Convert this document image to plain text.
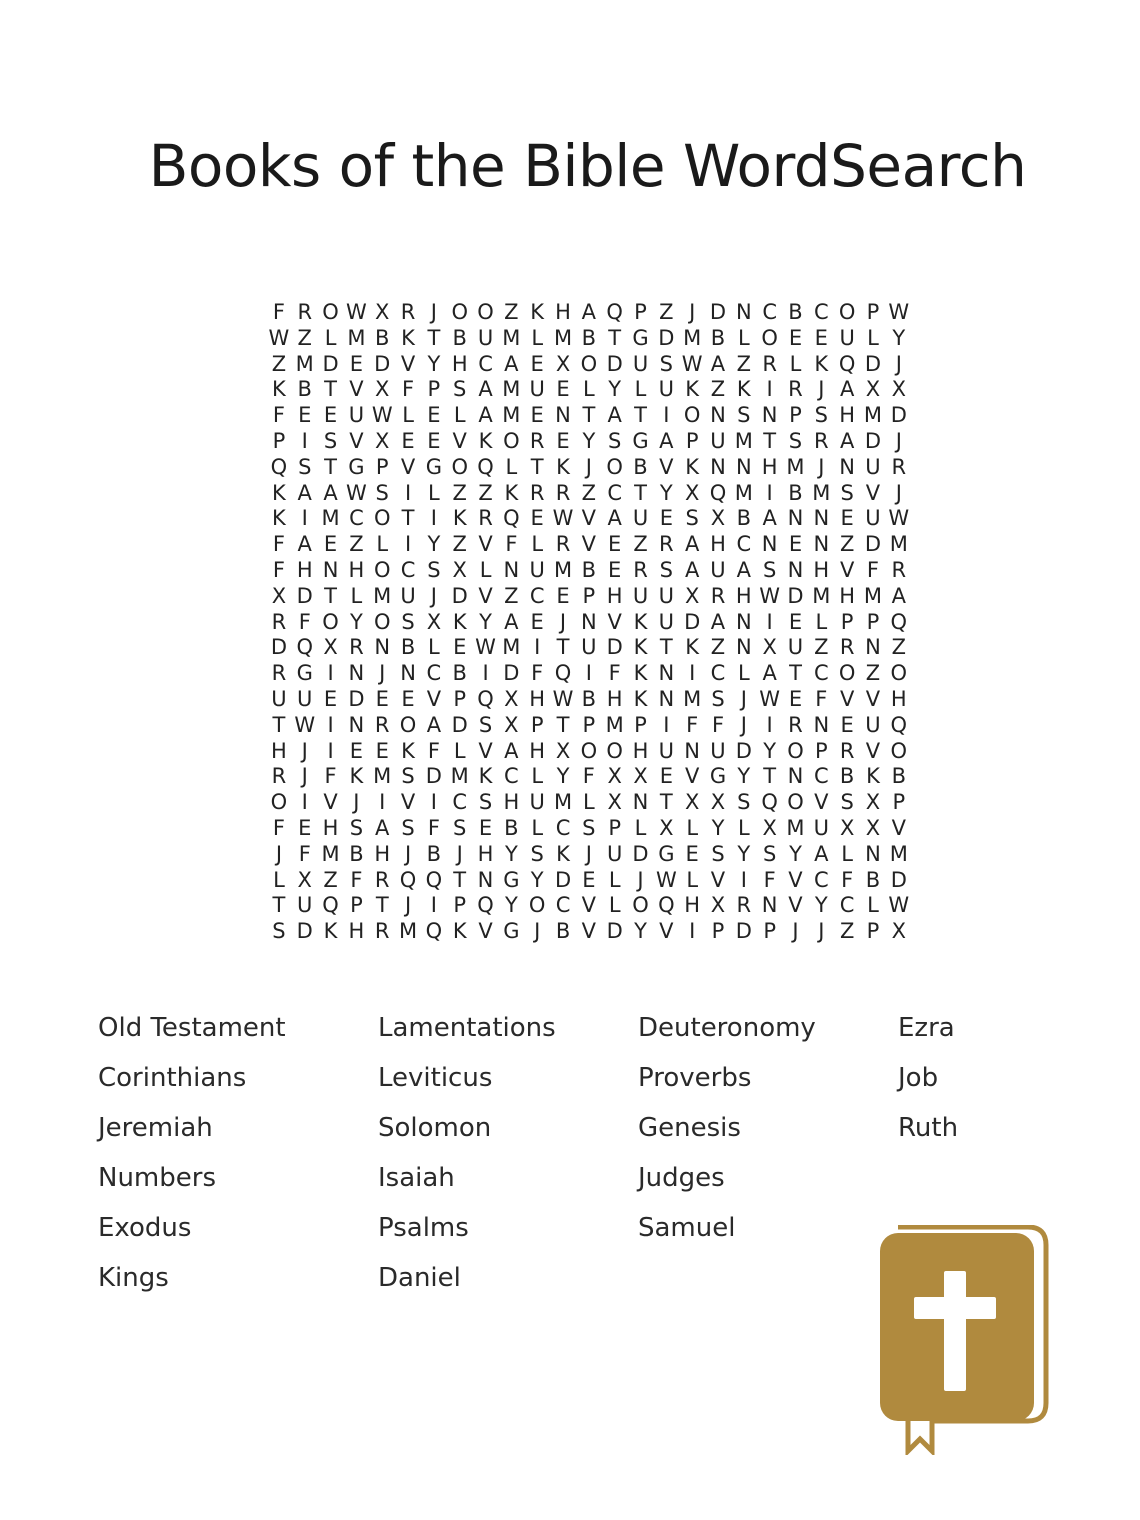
Books of the Bible WordSearch
F R O W X R J O O Z K H A Q P Z J D N C B C O P W
W Z L M B K T B U M L M B T G D M B L O E E U L Y
Z M D E D V Y H C A E X O D U S W A Z R L K Q D J
K B T V X F P S A M U E L Y L U K Z K I R J A X X
F E E U W L E L A M E N T A T I O N S N P S H M D
P I S V X E E V K O R E Y S G A P U M T S R A D J
Q S T G P V G O Q L T K J O B V K N N H M J N U R
K A A W S I L Z Z K R R Z C T Y X Q M I B M S V J
K I M C O T I K R Q E W V A U E S X B A N N E U W
F A E Z L I Y Z V F L R V E Z R A H C N E N Z D M
F H N H O C S X L N U M B E R S A U A S N H V F R
X D T L M U J D V Z C E P H U U X R H W D M H M A
R F O Y O S X K Y A E J N V K U D A N I E L P P Q
D Q X R N B L E W M I T U D K T K Z N X U Z R N Z
R G I N J N C B I D F Q I F K N I C L A T C O Z O
U U E D E E V P Q X H W B H K N M S J W E F V V H
T W I N R O A D S X P T P M P I F F J I R N E U Q
H J I E E K F L V A H X O O H U N U D Y O P R V O
R J F K M S D M K C L Y F X X E V G Y T N C B K B
O I V J I V I C S H U M L X N T X X S Q O V S X P
F E H S A S F S E B L C S P L X L Y L X M U X X V
J F M B H J B J H Y S K J U D G E S Y S Y A L N M
L X Z F R Q Q T N G Y D E L J W L V I F V C F B D
T U Q P T J I P Q Y O C V L O Q H X R N V Y C L W
S D K H R M Q K V G J B V D Y V I P D P J J Z P X
Old Testament
Corinthians
Jeremiah
Numbers
Exodus
Kings
Lamentations
Leviticus
Solomon
Isaiah
Psalms
Daniel
Deuteronomy
Proverbs
Genesis
Judges
Samuel
Ezra
Job
Ruth
